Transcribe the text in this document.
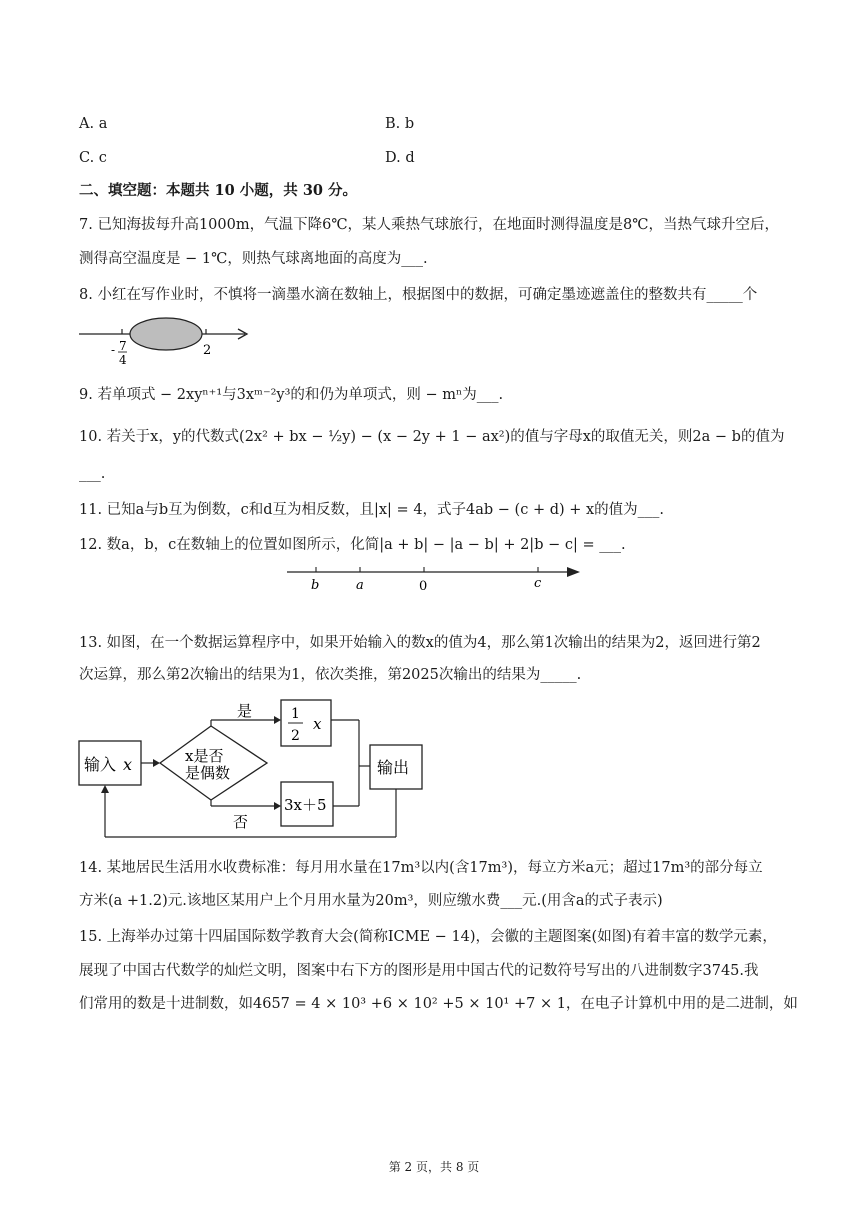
A. a	B. b
C. c	D. d
二、填空题：本题共 10 小题，共 30 分。
7. 已知海拔每升高1000m，气温下降6℃，某人乘热气球旅行，在地面时测得温度是8℃，当热气球升空后，
测得高空温度是 − 1℃，则热气球离地面的高度为___.
8. 小红在写作业时，不慎将一滴墨水滴在数轴上，根据图中的数据，可确定墨迹遮盖住的整数共有_____个
- 7
4
2
9. 若单项式 − 2xyⁿ⁺¹与3xᵐ⁻²y³的和仍为单项式，则 − mⁿ为___.
10. 若关于x，y的代数式(2x² + bx − ½y) − (x − 2y + 1 − ax²)的值与字母x的取值无关，则2a − b的值为
___.
11. 已知a与b互为倒数，c和d互为相反数，且|x| = 4，式子4ab − (c + d) + x的值为___.
12. 数a，b，c在数轴上的位置如图所示，化简|a + b| − |a − b| + 2|b − c| = ___.
b	a	0	c
13. 如图，在一个数据运算程序中，如果开始输入的数x的值为4，那么第1次输出的结果为2，返回进行第2
次运算，那么第2次输出的结果为1，依次类推，第2025次输出的结果为_____.
输入 x	x是否
是偶数
是	1
2
x
否
3x＋5
输出
14. 某地居民生活用水收费标准：每月用水量在17m³以内(含17m³)，每立方米a元；超过17m³的部分每立
方米(a +1.2)元.该地区某用户上个月用水量为20m³，则应缴水费___元.(用含a的式子表示)
15. 上海举办过第十四届国际数学教育大会(简称ICME − 14)，会徽的主题图案(如图)有着丰富的数学元素，
展现了中国古代数学的灿烂文明，图案中右下方的图形是用中国古代的记数符号写出的八进制数字3745.我
们常用的数是十进制数，如4657 = 4 × 10³ +6 × 10² +5 × 10¹ +7 × 1，在电子计算机中用的是二进制，如
第 2 页，共 8 页
